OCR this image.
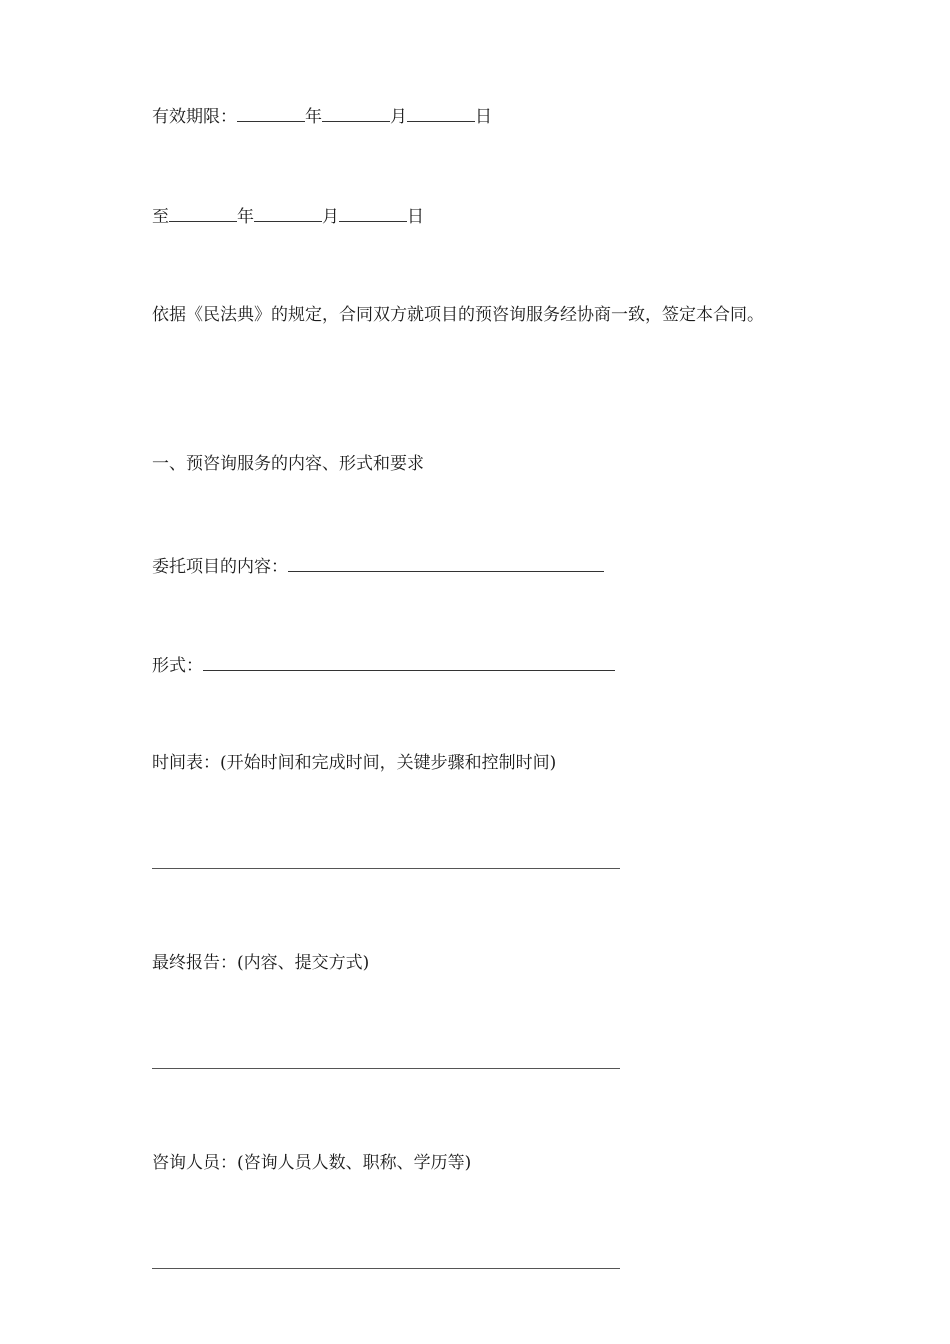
有效期限：	年	月	日
至	年	月	日
依据《民法典》的规定，合同双方就项目的预咨询服务经协商一致，签定本合同。
一、预咨询服务的内容、形式和要求
委托项目的内容：
形式：
时间表：(开始时间和完成时间，关键步骤和控制时间)
最终报告：(内容、提交方式)
咨询人员：(咨询人员人数、职称、学历等)
